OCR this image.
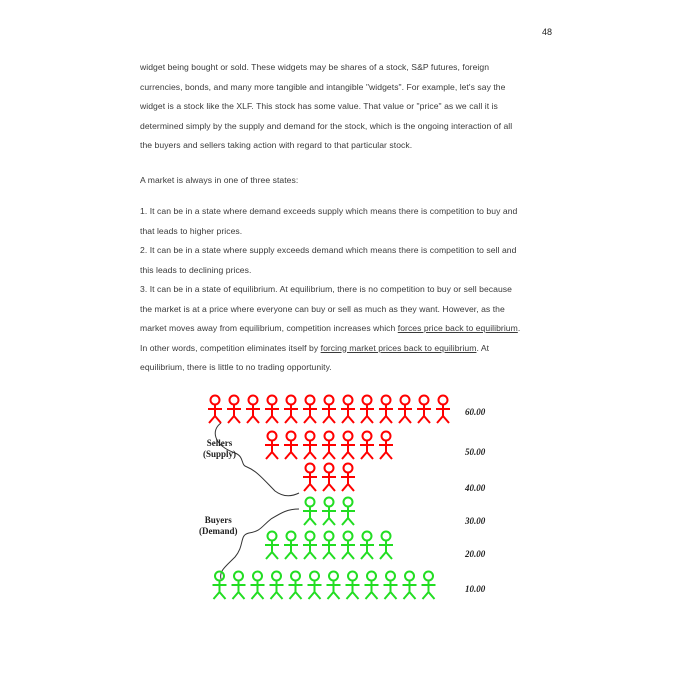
48
widget being bought or sold. These widgets may be shares of a stock, S&P futures, foreign
currencies, bonds, and many more tangible and intangible "widgets". For example, let's say the
widget is a stock like the XLF. This stock has some value. That value or "price" as we call it is
determined simply by the supply and demand for the stock, which is the ongoing interaction of all
the buyers and sellers taking action with regard to that particular stock.
A market is always in one of three states:
1. It can be in a state where demand exceeds supply which means there is competition to buy and
that leads to higher prices.
2. It can be in a state where supply exceeds demand which means there is competition to sell and
this leads to declining prices.
3. It can be in a state of equilibrium. At equilibrium, there is no competition to buy or sell because
the market is at a price where everyone can buy or sell as much as they want. However, as the
market moves away from equilibrium, competition increases which forces price back to equilibrium.
In other words, competition eliminates itself by forcing market prices back to equilibrium. At
equilibrium, there is little to no trading opportunity.
Sellers
(Supply)
Buyers
(Demand)
60.00
50.00
40.00
30.00
20.00
10.00
